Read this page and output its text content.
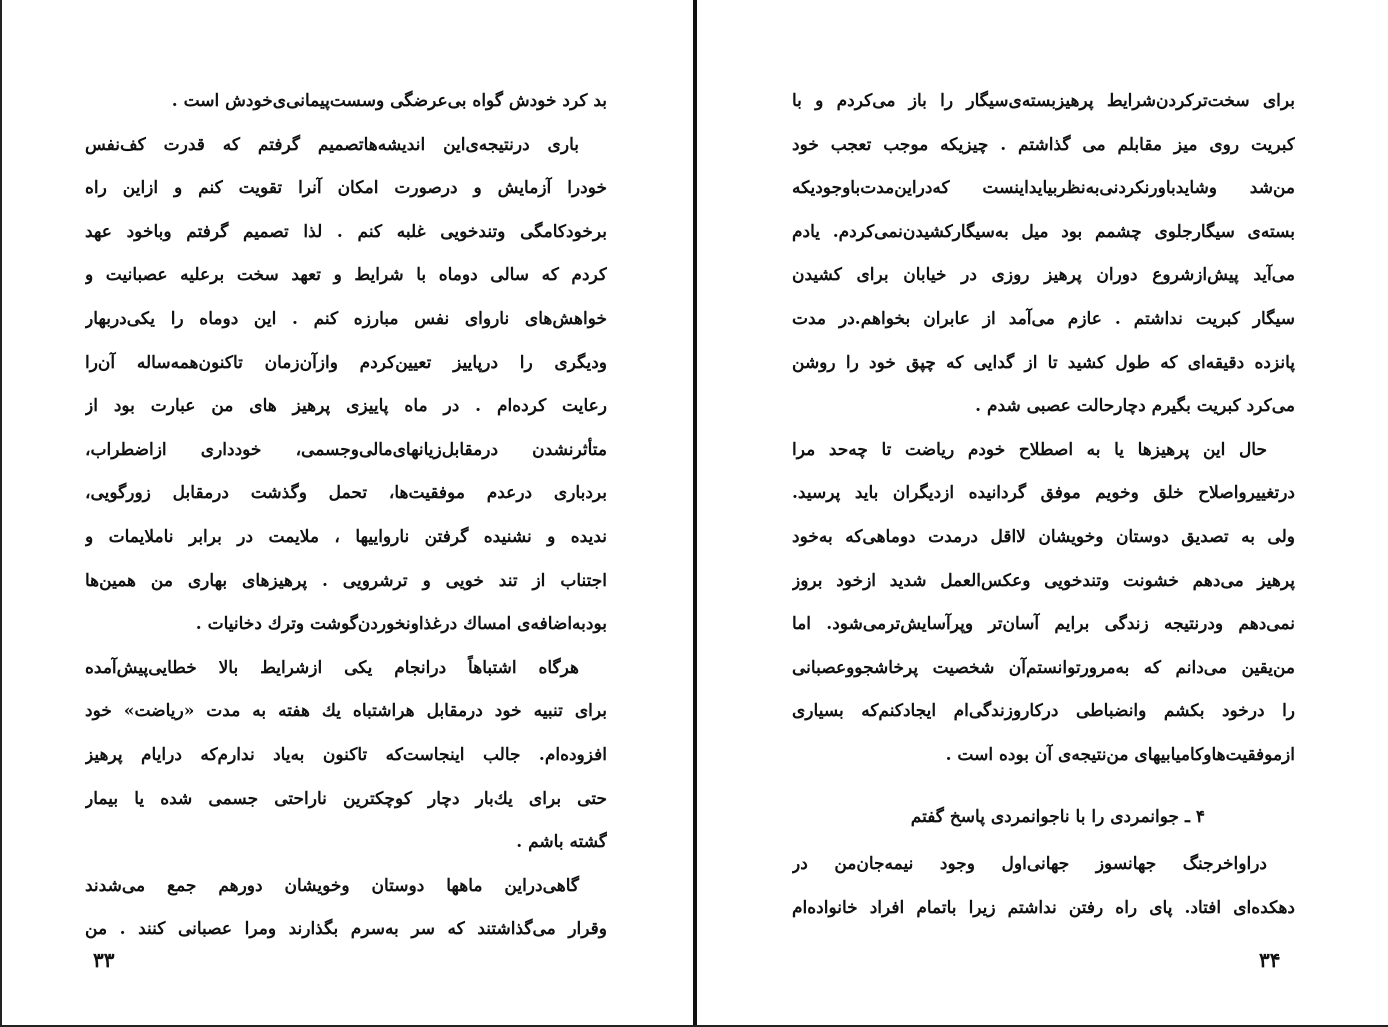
بد کرد خودش گواه بی‌عرضگی وسست‌پیمانی‌ی‌خودش است .
باری درنتیجه‌ی‌این اندیشه‌هاتصمیم گرفتم که قدرت کف‌نفس
خودرا آزمایش و درصورت امکان آنرا تقویت کنم و ازاین راه
برخودکامگی وتندخویی غلبه کنم . لذا تصمیم گرفتم وباخود عهد
کردم که سالی دوماه با شرایط و تعهد سخت برعلیه عصبانیت و
خواهش‌های ناروای نفس مبارزه کنم . این دوماه را یکی‌دربهار
ودیگری را درپاییز تعیین‌کردم وازآن‌زمان تاکنون‌همه‌ساله آن‌را
رعایت کرده‌ام . در ماه پاییزی پرهیز های من عبارت بود از
متأثرنشدن درمقابل‌زیانهای‌مالی‌وجسمی، خودداری ازاضطراب،
بردباری درعدم موفقیت‌ها، تحمل وگذشت درمقابل زورگویی،
ندیده و نشنیده گرفتن نارواییها ، ملایمت در برابر ناملایمات و
اجتناب از تند خویی و ترشرویی . پرهیزهای بهاری من همین‌ها
بودبه‌اضافه‌ی امساك درغذاونخوردن‌گوشت وترك دخانیات .
هرگاه اشتباهاً درانجام یکی ازشرایط بالا خطایی‌پیش‌آمده
برای تنبیه خود درمقابل هراشتباه یك هفته به مدت «ریاضت» خود
افزوده‌ام. جالب اینجاست‌که تاکنون به‌یاد ندارم‌که درایام پرهیز
حتی برای یك‌بار دچار کوچکترین ناراحتی جسمی شده یا بیمار
گشته باشم .
گاهی‌دراین ماهها دوستان وخویشان دورهم جمع می‌شدند
وقرار می‌گذاشتند که سر به‌سرم بگذارند ومرا عصبانی کنند . من
۳۳
برای سخت‌ترکردن‌شرایط پرهیزبسته‌ی‌سیگار را باز می‌کردم و با
کبریت روی میز مقابلم می گذاشتم . چیزیکه موجب تعجب خود
من‌شد وشایدباورنکردنی‌به‌نظربیایداینست که‌دراین‌مدت‌باوجودیکه
بسته‌ی سیگارجلوی چشمم بود میل به‌سیگارکشیدن‌نمی‌کردم. یادم
می‌آید پیش‌ازشروع دوران پرهیز روزی در خیابان برای کشیدن
سیگار کبریت نداشتم . عازم می‌آمد از عابران بخواهم.در مدت
پانزده دقیقه‌ای که طول کشید تا از گدایی که چپق خود را روشن
می‌کرد کبریت بگیرم دچارحالت عصبی شدم .
حال این پرهیزها یا به اصطلاح خودم ریاضت تا چه‌حد مرا
درتغییرواصلاح خلق وخویم موفق گردانیده ازدیگران باید پرسید.
ولی به تصدیق دوستان وخویشان لااقل درمدت دوماهی‌که به‌خود
پرهیز می‌دهم خشونت وتندخویی وعکس‌العمل شدید ازخود بروز
نمی‌دهم ودرنتیجه زندگی برایم آسان‌تر وپرآسایش‌ترمی‌شود. اما
من‌یقین می‌دانم که به‌مرورتوانستم‌آن شخصیت پرخاشجووعصبانی
را درخود بکشم وانضباطی درکاروزندگی‌ام ایجادکنم‌که بسیاری
ازموفقیت‌هاوکامیابیهای من‌نتیجه‌ی آن بوده است .
۴ ـ جوانمردی را با ناجوانمردی پاسخ گفتم
دراواخرجنگ جهانسوز جهانی‌اول وجود نیمه‌جان‌من در
دهکده‌ای افتاد. پای راه رفتن نداشتم زیرا باتمام افراد خانواده‌ام
۳۴
